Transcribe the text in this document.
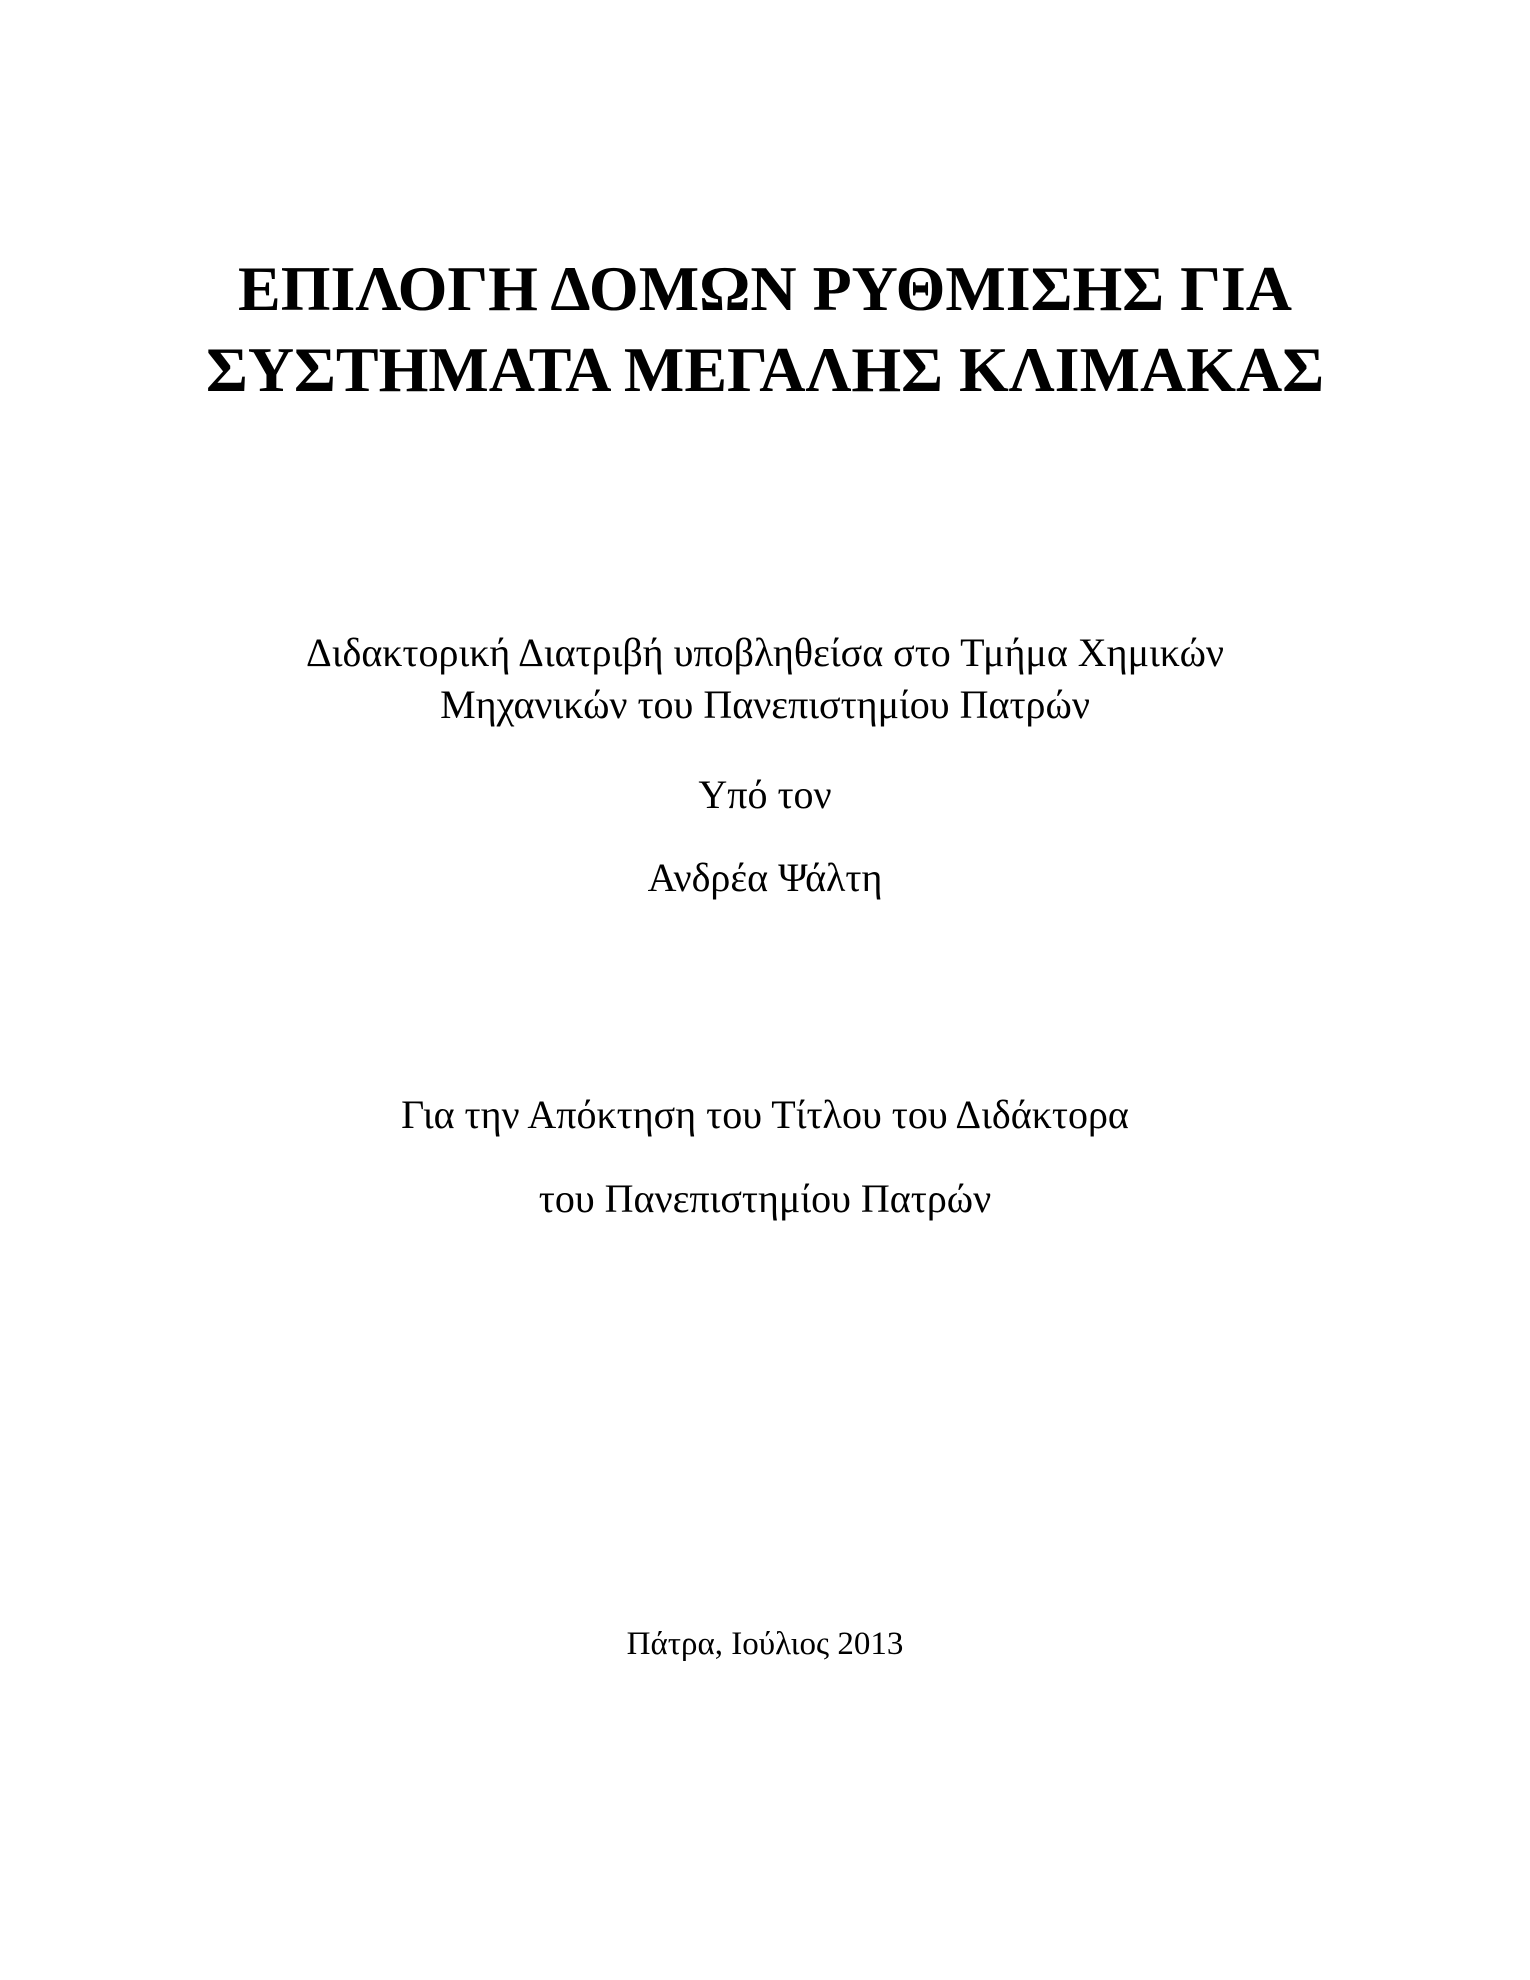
ΕΠΙΛΟΓΗ ΔΟΜΩΝ ΡΥΘΜΙΣΗΣ ΓΙΑ
ΣΥΣΤΗΜΑΤΑ ΜΕΓΑΛΗΣ ΚΛΙΜΑΚΑΣ

Διδακτορική Διατριβή υποβληθείσα στο Τμήμα Χημικών

Μηχανικών του Πανεπιστημίου Πατρών

Υπό τον

Ανδρέα Ψάλτη

Για την Απόκτηση του Τίτλου του Διδάκτορα

του Πανεπιστημίου Πατρών

Πάτρα, Ιούλιος 2013
